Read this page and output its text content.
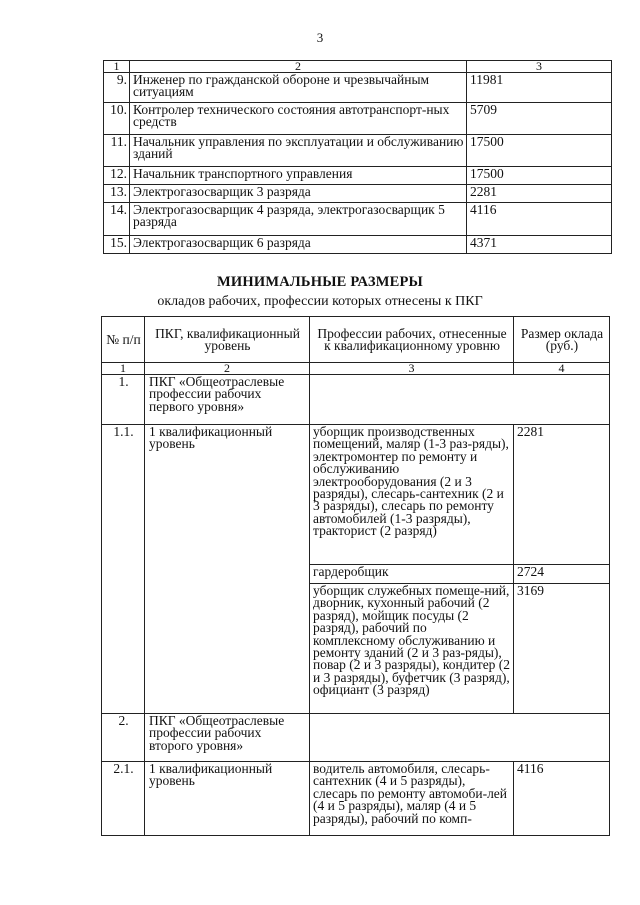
3
1	2	3
9.	Инженер по гражданской обороне и чрезвычайным ситуациям	11981
10.	Контролер технического состояния автотранспорт-ных средств	5709
11.	Начальник управления по эксплуатации и обслуживанию зданий	17500
12.	Начальник транспортного управления	17500
13.	Электрогазосварщик 3 разряда	2281
14.	Электрогазосварщик 4 разряда, электрогазосварщик 5 разряда	4116
15.	Электрогазосварщик 6 разряда	4371
МИНИМАЛЬНЫЕ РАЗМЕРЫ
окладов рабочих, профессии которых отнесены к ПКГ
№ п/п	ПКГ, квалификационный уровень	Профессии рабочих, отнесенные к квалификационному уровню	Размер оклада (руб.)
1	2	3	4
1.	ПКГ «Общеотраслевые профессии рабочих первого уровня»		
1.1.	1 квалификационный уровень	уборщик производственных помещений, маляр (1-3 раз-ряды), электромонтер по ремонту и обслуживанию электрооборудования (2 и 3 разряды), слесарь-сантехник (2 и 3 разряды), слесарь по ремонту автомобилей (1-3 разряды), тракторист (2 разряд)	2281
		гардеробщик	2724
		уборщик служебных помеще-ний, дворник, кухонный рабочий (2 разряд), мойщик посуды (2 разряд), рабочий по комплексному обслуживанию и ремонту зданий (2 и 3 раз-ряды), повар (2 и 3 разряды), кондитер (2 и 3 разряды), буфетчик (3 разряд), официант (3 разряд)	3169
2.	ПКГ «Общеотраслевые профессии рабочих второго уровня»		
2.1.	1 квалификационный уровень	водитель автомобиля, слесарь-сантехник (4 и 5 разряды), слесарь по ремонту автомоби-лей (4 и 5 разряды), маляр (4 и 5 разряды), рабочий по комп-	4116
